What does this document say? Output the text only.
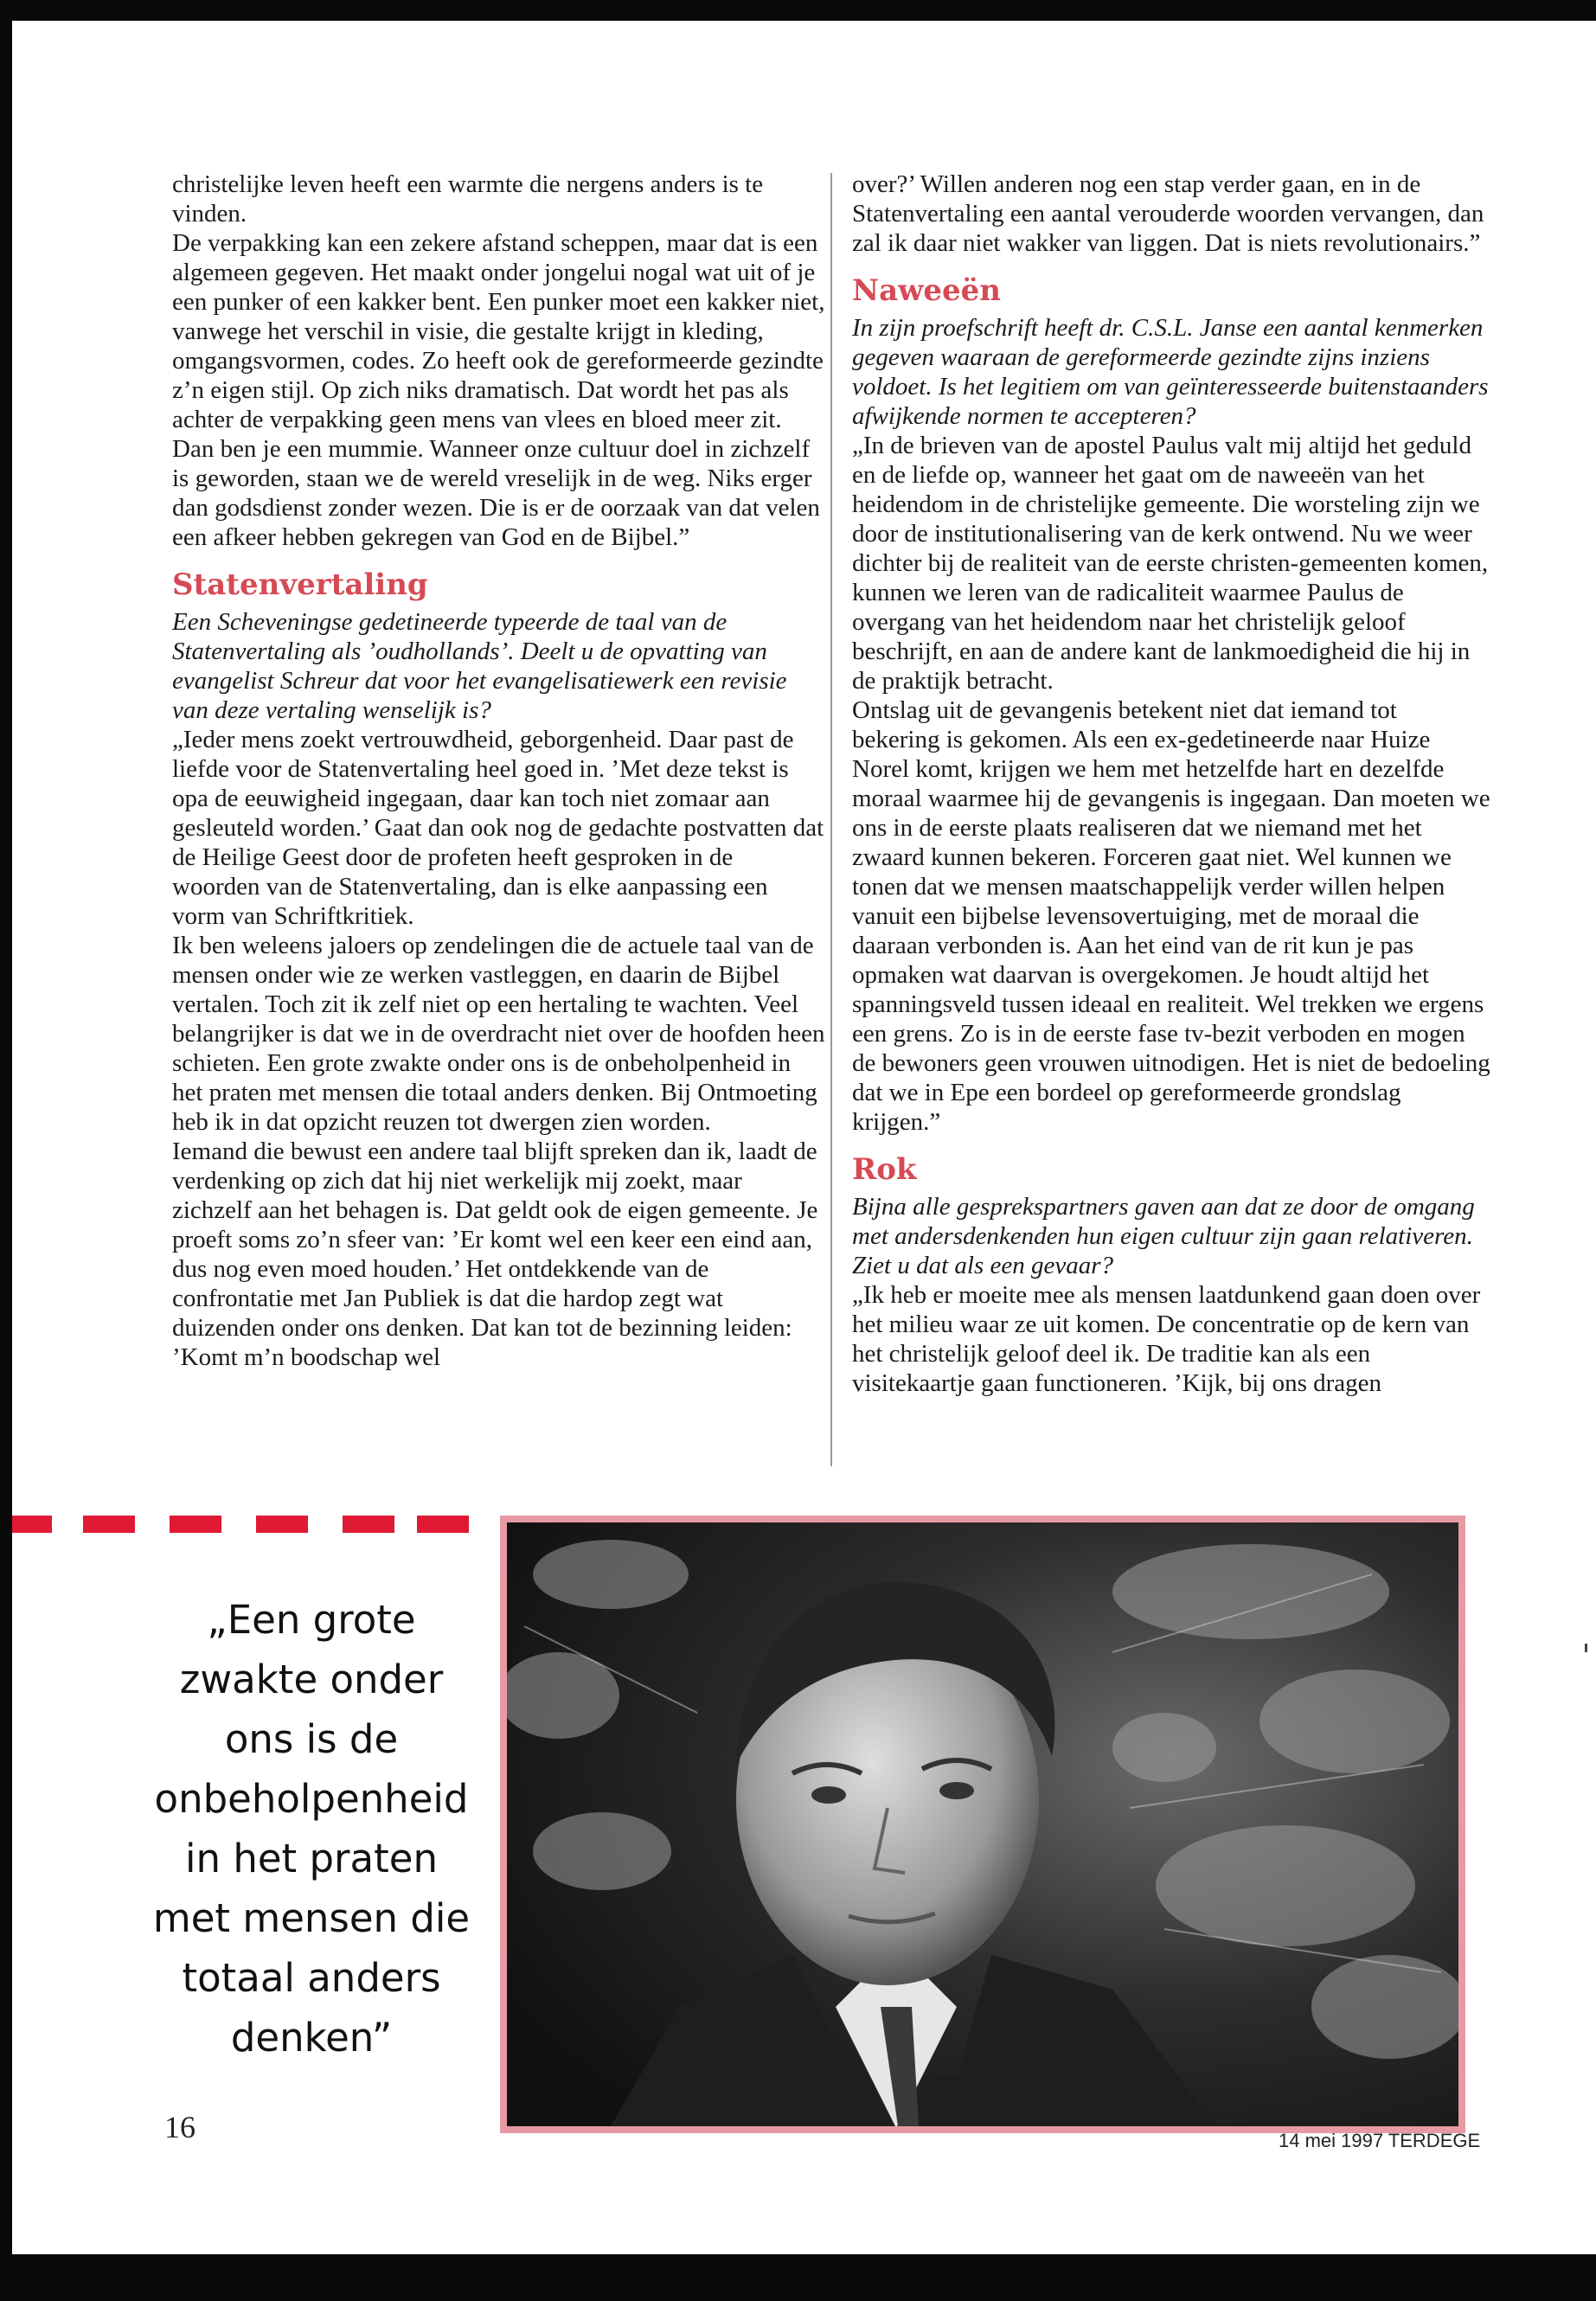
christelijke leven heeft een warmte die nergens anders is te vinden.

De verpakking kan een zekere afstand scheppen, maar dat is een algemeen gegeven. Het maakt onder jongelui nogal wat uit of je een punker of een kakker bent. Een punker moet een kakker niet, vanwege het verschil in visie, die gestalte krijgt in kleding, omgangsvormen, codes. Zo heeft ook de gereformeerde gezindte z’n eigen stijl. Op zich niks dramatisch. Dat wordt het pas als achter de verpakking geen mens van vlees en bloed meer zit. Dan ben je een mummie. Wanneer onze cultuur doel in zichzelf is geworden, staan we de wereld vreselijk in de weg. Niks erger dan godsdienst zonder wezen. Die is er de oorzaak van dat velen een afkeer hebben gekregen van God en de Bijbel.”

Statenvertaling

Een Scheveningse gedetineerde typeerde de taal van de Statenvertaling als ’oudhollands’. Deelt u de opvatting van evangelist Schreur dat voor het evangelisatiewerk een revisie van deze vertaling wenselijk is?

„Ieder mens zoekt vertrouwdheid, geborgenheid. Daar past de liefde voor de Statenvertaling heel goed in. ’Met deze tekst is opa de eeuwigheid ingegaan, daar kan toch niet zomaar aan gesleuteld worden.’ Gaat dan ook nog de gedachte postvatten dat de Heilige Geest door de profeten heeft gesproken in de woorden van de Statenvertaling, dan is elke aanpassing een vorm van Schriftkritiek.

Ik ben weleens jaloers op zendelingen die de actuele taal van de mensen onder wie ze werken vastleggen, en daarin de Bijbel vertalen. Toch zit ik zelf niet op een hertaling te wachten. Veel belangrijker is dat we in de overdracht niet over de hoofden heen schieten. Een grote zwakte onder ons is de onbeholpenheid in het praten met mensen die totaal anders denken. Bij Ontmoeting heb ik in dat opzicht reuzen tot dwergen zien worden.

Iemand die bewust een andere taal blijft spreken dan ik, laadt de verdenking op zich dat hij niet werkelijk mij zoekt, maar zichzelf aan het behagen is. Dat geldt ook de eigen gemeente. Je proeft soms zo’n sfeer van: ’Er komt wel een keer een eind aan, dus nog even moed houden.’ Het ontdekkende van de confrontatie met Jan Publiek is dat die hardop zegt wat duizenden onder ons denken. Dat kan tot de bezinning leiden: ’Komt m’n boodschap wel

over?’ Willen anderen nog een stap verder gaan, en in de Statenvertaling een aantal verouderde woorden vervangen, dan zal ik daar niet wakker van liggen. Dat is niets revolutionairs.”

Naweeën

In zijn proefschrift heeft dr. C.S.L. Janse een aantal kenmerken gegeven waaraan de gereformeerde gezindte zijns inziens voldoet. Is het legitiem om van geïnteresseerde buitenstaanders afwijkende normen te accepteren?

„In de brieven van de apostel Paulus valt mij altijd het geduld en de liefde op, wanneer het gaat om de naweeën van het heidendom in de christelijke gemeente. Die worsteling zijn we door de institutionalisering van de kerk ontwend. Nu we weer dichter bij de realiteit van de eerste christen-gemeenten komen, kunnen we leren van de radicaliteit waarmee Paulus de overgang van het heidendom naar het christelijk geloof beschrijft, en aan de andere kant de lankmoedigheid die hij in de praktijk betracht.

Ontslag uit de gevangenis betekent niet dat iemand tot bekering is gekomen. Als een ex-gedetineerde naar Huize Norel komt, krijgen we hem met hetzelfde hart en dezelfde moraal waarmee hij de gevangenis is ingegaan. Dan moeten we ons in de eerste plaats realiseren dat we niemand met het zwaard kunnen bekeren. Forceren gaat niet. Wel kunnen we tonen dat we mensen maatschappelijk verder willen helpen vanuit een bijbelse levensovertuiging, met de moraal die daaraan verbonden is. Aan het eind van de rit kun je pas opmaken wat daarvan is overgekomen. Je houdt altijd het spanningsveld tussen ideaal en realiteit. Wel trekken we ergens een grens. Zo is in de eerste fase tv-bezit verboden en mogen de bewoners geen vrouwen uitnodigen. Het is niet de bedoeling dat we in Epe een bordeel op gereformeerde grondslag krijgen.”

Rok

Bijna alle gesprekspartners gaven aan dat ze door de omgang met andersdenkenden hun eigen cultuur zijn gaan relativeren. Ziet u dat als een gevaar?

„Ik heb er moeite mee als mensen laatdunkend gaan doen over het milieu waar ze uit komen. De concentratie op de kern van het christelijk geloof deel ik. De traditie kan als een visitekaartje gaan functioneren. ’Kijk, bij ons dragen

„Een grote
zwakte onder
ons is de
onbeholpenheid
in het praten
met mensen die
totaal anders
denken”
16	14 mei 1997 TERDEGE
